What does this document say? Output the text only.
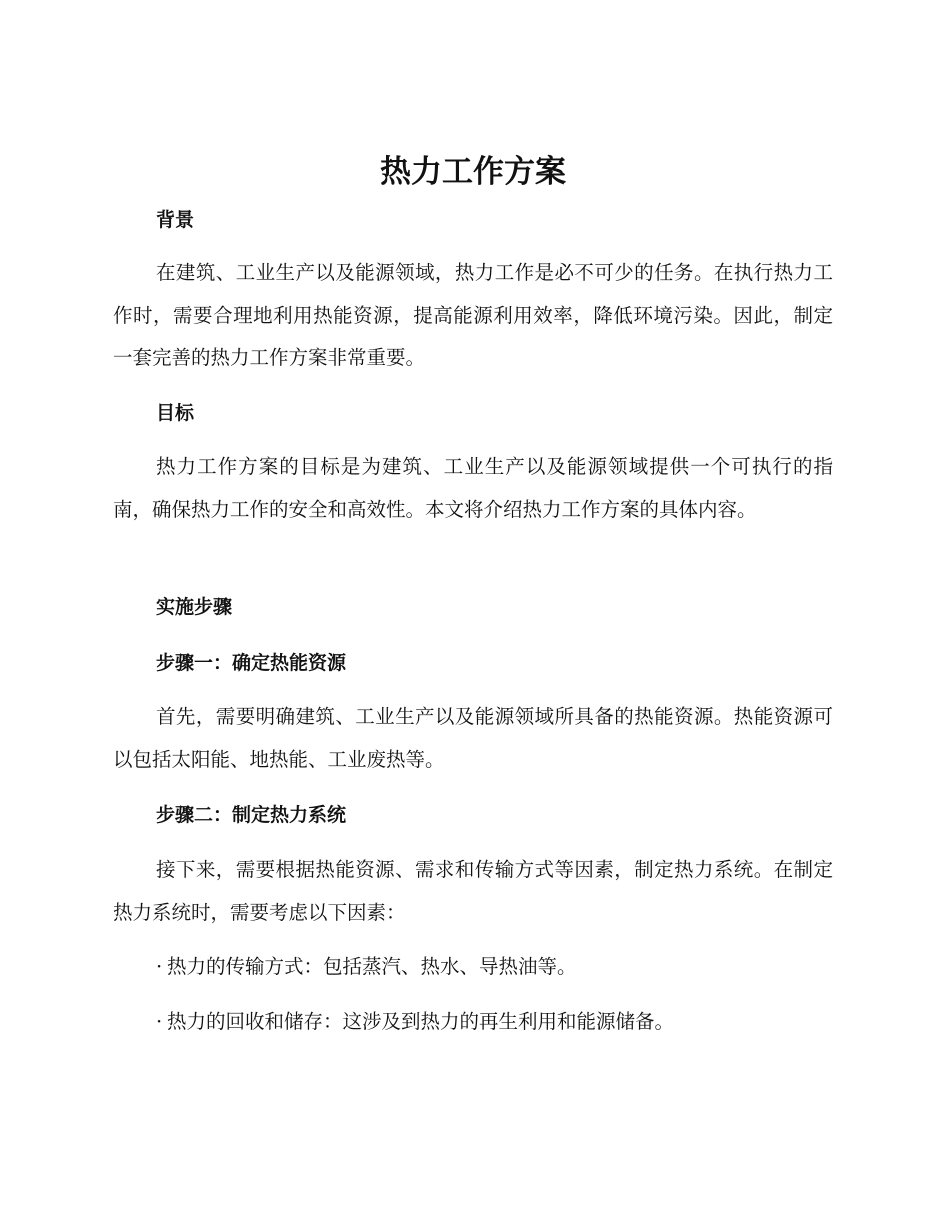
热力工作方案
背景

在建筑、工业生产以及能源领域，热力工作是必不可少的任务。在执行热力工作时，需要合理地利用热能资源，提高能源利用效率，降低环境污染。因此，制定一套完善的热力工作方案非常重要。

目标

热力工作方案的目标是为建筑、工业生产以及能源领域提供一个可执行的指南，确保热力工作的安全和高效性。本文将介绍热力工作方案的具体内容。

实施步骤
步骤一：确定热能资源

首先，需要明确建筑、工业生产以及能源领域所具备的热能资源。热能资源可以包括太阳能、地热能、工业废热等。

步骤二：制定热力系统

接下来，需要根据热能资源、需求和传输方式等因素，制定热力系统。在制定热力系统时，需要考虑以下因素：

· 热力的传输方式：包括蒸汽、热水、导热油等。

· 热力的回收和储存：这涉及到热力的再生利用和能源储备。
